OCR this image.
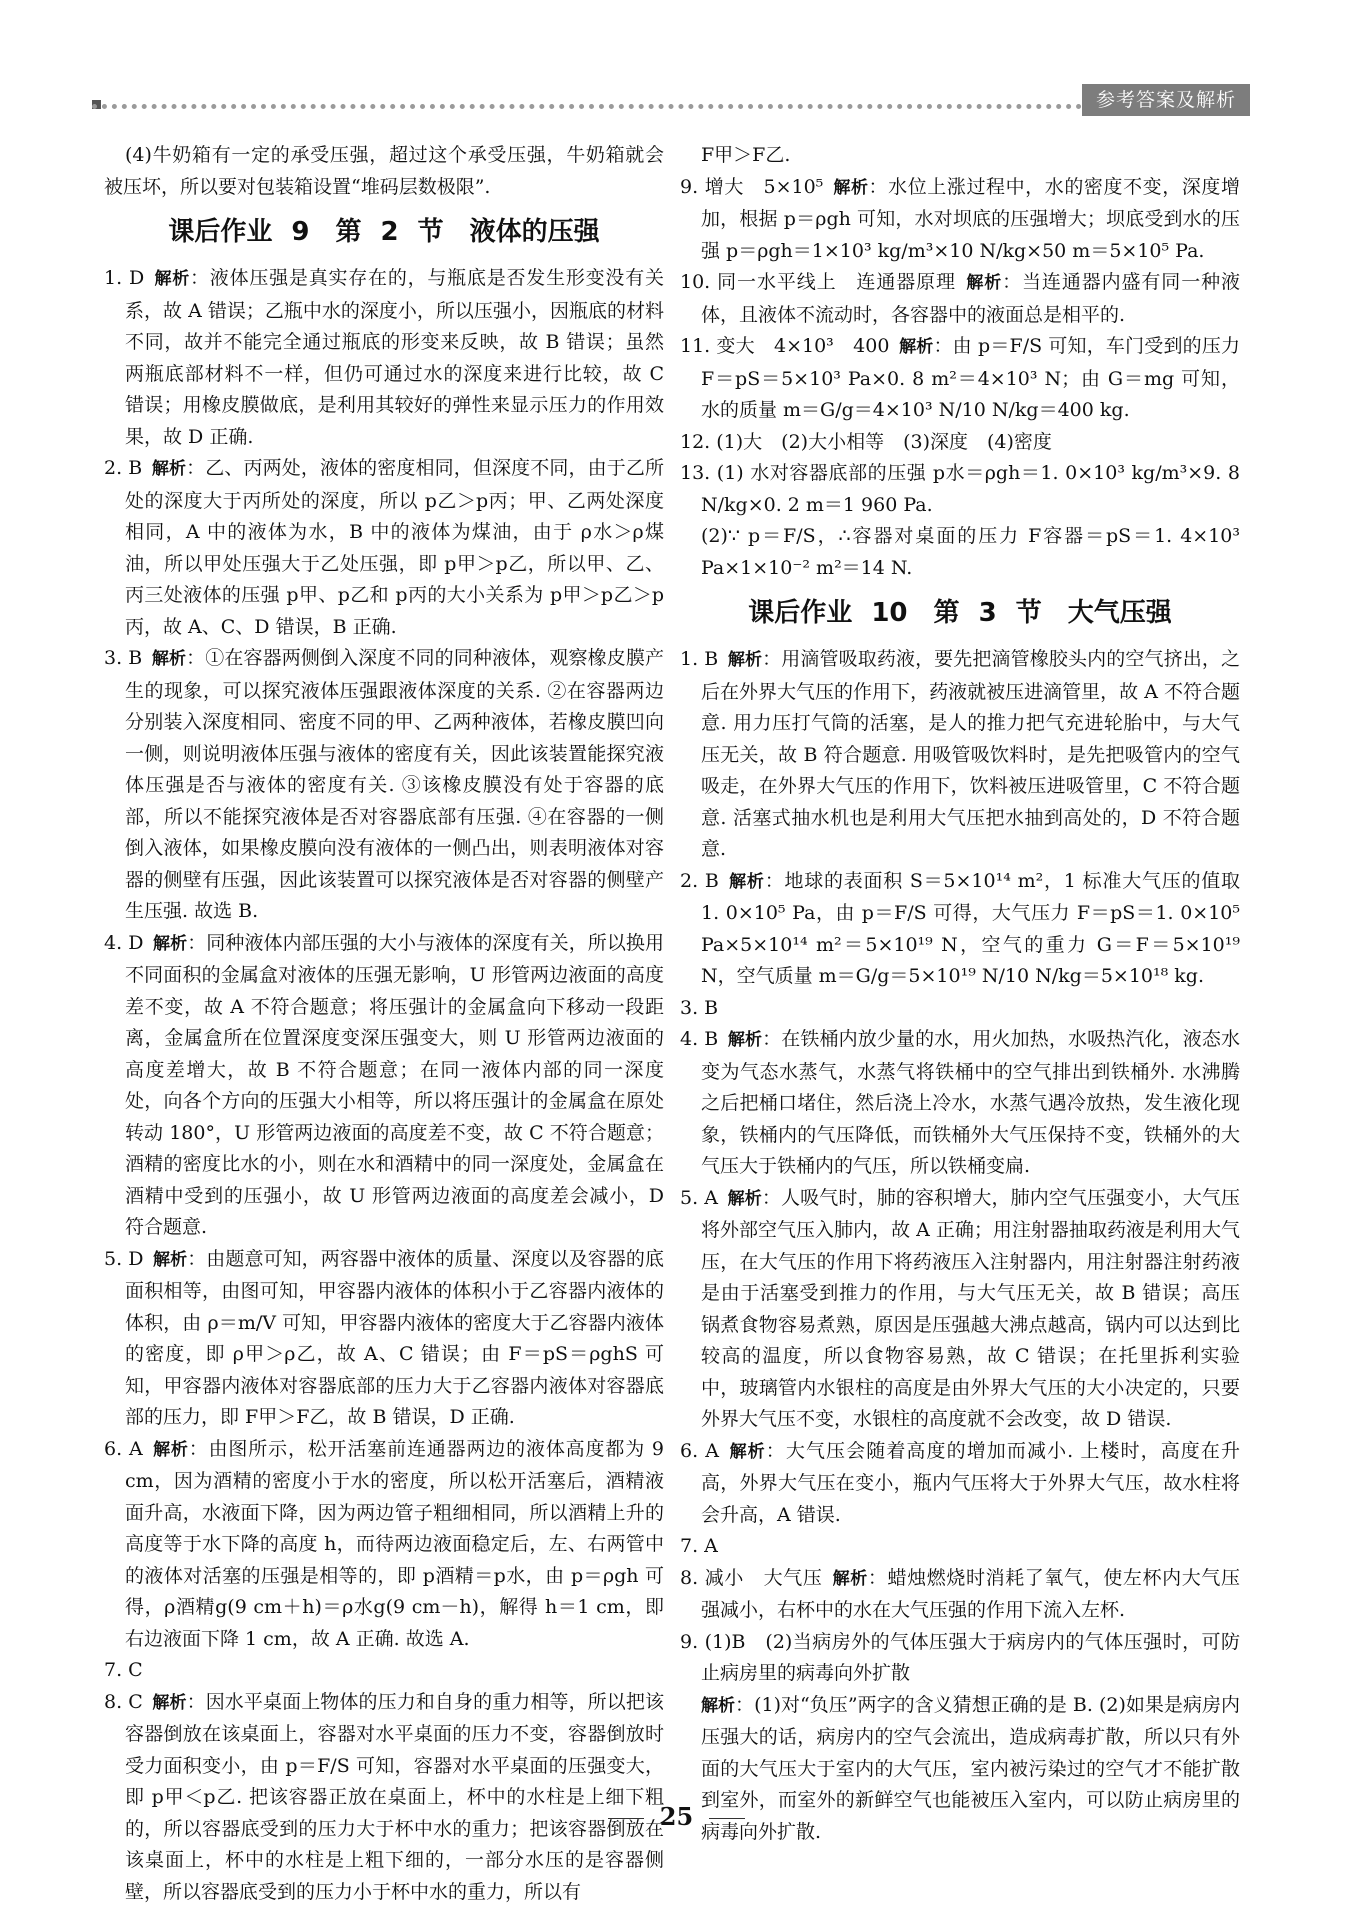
参考答案及解析

(4)牛奶箱有一定的承受压强，超过这个承受压强，牛奶箱就会被压坏，所以要对包装箱设置“堆码层数极限”.

课后作业 9　第 2 节　液体的压强

1. D  解析：液体压强是真实存在的，与瓶底是否发生形变没有关系，故 A 错误；乙瓶中水的深度小，所以压强小，因瓶底的材料不同，故并不能完全通过瓶底的形变来反映，故 B 错误；虽然两瓶底部材料不一样，但仍可通过水的深度来进行比较，故 C 错误；用橡皮膜做底，是利用其较好的弹性来显示压力的作用效果，故 D 正确.

2. B  解析：乙、丙两处，液体的密度相同，但深度不同，由于乙所处的深度大于丙所处的深度，所以 p乙＞p丙；甲、乙两处深度相同，A 中的液体为水，B 中的液体为煤油，由于 ρ水＞ρ煤油，所以甲处压强大于乙处压强，即 p甲＞p乙，所以甲、乙、丙三处液体的压强 p甲、p乙和 p丙的大小关系为 p甲＞p乙＞p丙，故 A、C、D 错误，B 正确.

3. B  解析：①在容器两侧倒入深度不同的同种液体，观察橡皮膜产生的现象，可以探究液体压强跟液体深度的关系. ②在容器两边分别装入深度相同、密度不同的甲、乙两种液体，若橡皮膜凹向一侧，则说明液体压强与液体的密度有关，因此该装置能探究液体压强是否与液体的密度有关. ③该橡皮膜没有处于容器的底部，所以不能探究液体是否对容器底部有压强. ④在容器的一侧倒入液体，如果橡皮膜向没有液体的一侧凸出，则表明液体对容器的侧壁有压强，因此该装置可以探究液体是否对容器的侧壁产生压强. 故选 B.

4. D  解析：同种液体内部压强的大小与液体的深度有关，所以换用不同面积的金属盒对液体的压强无影响，U 形管两边液面的高度差不变，故 A 不符合题意；将压强计的金属盒向下移动一段距离，金属盒所在位置深度变深压强变大，则 U 形管两边液面的高度差增大，故 B 不符合题意；在同一液体内部的同一深度处，向各个方向的压强大小相等，所以将压强计的金属盒在原处转动 180°，U 形管两边液面的高度差不变，故 C 不符合题意；酒精的密度比水的小，则在水和酒精中的同一深度处，金属盒在酒精中受到的压强小，故 U 形管两边液面的高度差会减小，D 符合题意.

5. D  解析：由题意可知，两容器中液体的质量、深度以及容器的底面积相等，由图可知，甲容器内液体的体积小于乙容器内液体的体积，由 ρ＝m/V 可知，甲容器内液体的密度大于乙容器内液体的密度，即 ρ甲＞ρ乙，故 A、C 错误；由 F＝pS＝ρghS 可知，甲容器内液体对容器底部的压力大于乙容器内液体对容器底部的压力，即 F甲＞F乙，故 B 错误，D 正确.

6. A  解析：由图所示，松开活塞前连通器两边的液体高度都为 9 cm，因为酒精的密度小于水的密度，所以松开活塞后，酒精液面升高，水液面下降，因为两边管子粗细相同，所以酒精上升的高度等于水下降的高度 h，而待两边液面稳定后，左、右两管中的液体对活塞的压强是相等的，即 p酒精＝p水，由 p＝ρgh 可得，ρ酒精g(9 cm＋h)＝ρ水g(9 cm－h)，解得 h＝1 cm，即右边液面下降 1 cm，故 A 正确. 故选 A.

7. C

8. C  解析：因水平桌面上物体的压力和自身的重力相等，所以把该容器倒放在该桌面上，容器对水平桌面的压力不变，容器倒放时受力面积变小，由 p＝F/S 可知，容器对水平桌面的压强变大，即 p甲＜p乙. 把该容器正放在桌面上，杯中的水柱是上细下粗的，所以容器底受到的压力大于杯中水的重力；把该容器倒放在该桌面上，杯中的水柱是上粗下细的，一部分水压的是容器侧壁，所以容器底受到的压力小于杯中水的重力，所以有

F甲＞F乙.

9. 增大　5×10⁵  解析：水位上涨过程中，水的密度不变，深度增加，根据 p＝ρgh 可知，水对坝底的压强增大；坝底受到水的压强 p＝ρgh＝1×10³ kg/m³×10 N/kg×50 m＝5×10⁵ Pa.

10. 同一水平线上　连通器原理  解析：当连通器内盛有同一种液体，且液体不流动时，各容器中的液面总是相平的.

11. 变大　4×10³　400  解析：由 p＝F/S 可知，车门受到的压力 F＝pS＝5×10³ Pa×0. 8 m²＝4×10³ N；由 G＝mg 可知，水的质量 m＝G/g＝4×10³ N/10 N/kg＝400 kg.

12. (1)大　(2)大小相等　(3)深度　(4)密度

13. (1) 水对容器底部的压强 p水＝ρgh＝1. 0×10³ kg/m³×9. 8 N/kg×0. 2 m＝1 960 Pa.

(2)∵ p＝F/S，∴容器对桌面的压力 F容器＝pS＝1. 4×10³ Pa×1×10⁻² m²＝14 N.

课后作业 10　第 3 节　大气压强

1. B  解析：用滴管吸取药液，要先把滴管橡胶头内的空气挤出，之后在外界大气压的作用下，药液就被压进滴管里，故 A 不符合题意. 用力压打气筒的活塞，是人的推力把气充进轮胎中，与大气压无关，故 B 符合题意. 用吸管吸饮料时，是先把吸管内的空气吸走，在外界大气压的作用下，饮料被压进吸管里，C 不符合题意. 活塞式抽水机也是利用大气压把水抽到高处的，D 不符合题意.

2. B  解析：地球的表面积 S＝5×10¹⁴ m²，1 标准大气压的值取 1. 0×10⁵ Pa，由 p＝F/S 可得，大气压力 F＝pS＝1. 0×10⁵ Pa×5×10¹⁴ m²＝5×10¹⁹ N，空气的重力 G＝F＝5×10¹⁹ N，空气质量 m＝G/g＝5×10¹⁹ N/10 N/kg＝5×10¹⁸ kg.

3. B

4. B  解析：在铁桶内放少量的水，用火加热，水吸热汽化，液态水变为气态水蒸气，水蒸气将铁桶中的空气排出到铁桶外. 水沸腾之后把桶口堵住，然后浇上冷水，水蒸气遇冷放热，发生液化现象，铁桶内的气压降低，而铁桶外大气压保持不变，铁桶外的大气压大于铁桶内的气压，所以铁桶变扁.

5. A  解析：人吸气时，肺的容积增大，肺内空气压强变小，大气压将外部空气压入肺内，故 A 正确；用注射器抽取药液是利用大气压，在大气压的作用下将药液压入注射器内，用注射器注射药液是由于活塞受到推力的作用，与大气压无关，故 B 错误；高压锅煮食物容易煮熟，原因是压强越大沸点越高，锅内可以达到比较高的温度，所以食物容易熟，故 C 错误；在托里拆利实验中，玻璃管内水银柱的高度是由外界大气压的大小决定的，只要外界大气压不变，水银柱的高度就不会改变，故 D 错误.

6. A  解析：大气压会随着高度的增加而减小. 上楼时，高度在升高，外界大气压在变小，瓶内气压将大于外界大气压，故水柱将会升高，A 错误.

7. A

8. 减小　大气压  解析：蜡烛燃烧时消耗了氧气，使左杯内大气压强减小，右杯中的水在大气压强的作用下流入左杯.

9. (1)B　(2)当病房外的气体压强大于病房内的气体压强时，可防止病房里的病毒向外扩散

解析：(1)对“负压”两字的含义猜想正确的是 B. (2)如果是病房内压强大的话，病房内的空气会流出，造成病毒扩散，所以只有外面的大气压大于室内的大气压，室内被污染过的空气才不能扩散到室外，而室外的新鲜空气也能被压入室内，可以防止病房里的病毒向外扩散.

25
